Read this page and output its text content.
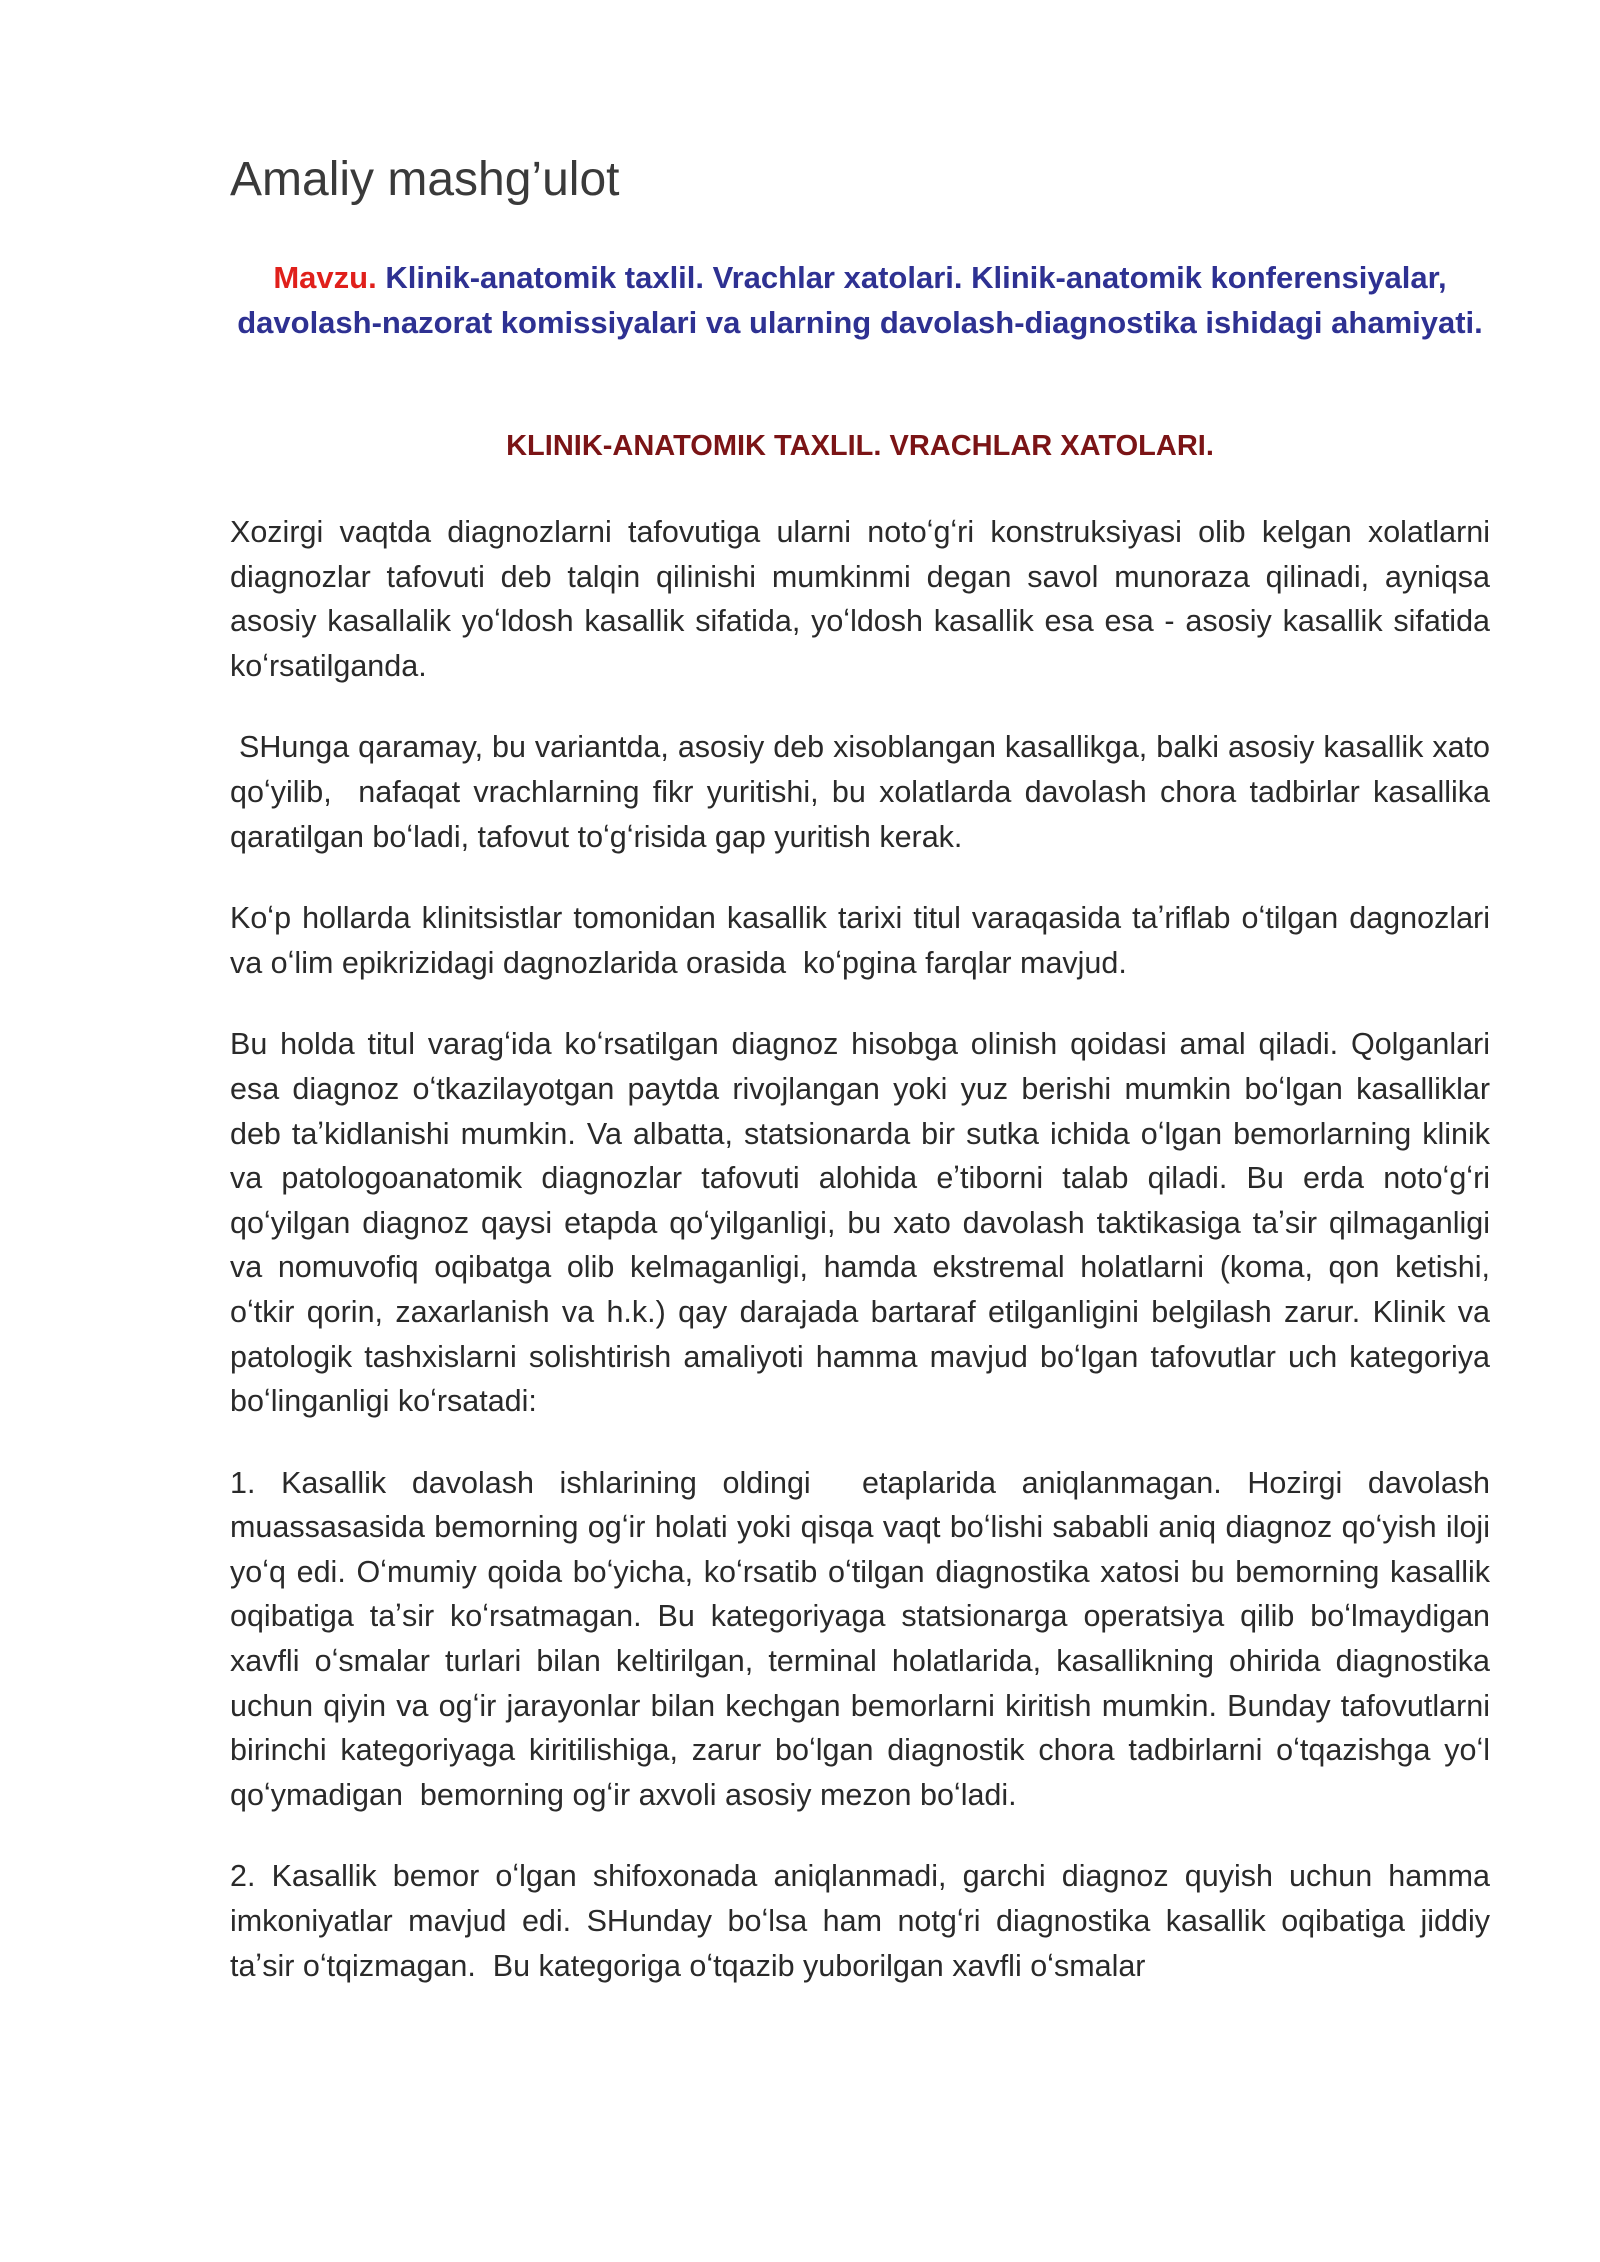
Amaliy mashg’ulot

Mavzu. Klinik-anatomik taxlil. Vrachlar xatolari. Klinik-anatomik konferensiyalar, davolash-nazorat komissiyalari va ularning davolash-diagnostika ishidagi ahamiyati.

KLINIK-ANATOMIK TAXLIL. VRACHLAR XATOLARI.

Xozirgi vaqtda diagnozlarni tafovutiga ularni notoʻgʻri konstruksiyasi olib kelgan xolatlarni diagnozlar tafovuti deb talqin qilinishi mumkinmi degan savol munoraza qilinadi, ayniqsa asosiy kasallalik yoʻldosh kasallik sifatida, yoʻldosh kasallik esa esa - asosiy kasallik sifatida koʻrsatilganda.

SHunga qaramay, bu variantda, asosiy deb xisoblangan kasallikga, balki asosiy kasallik xato qoʻyilib,  nafaqat vrachlarning fikr yuritishi, bu xolatlarda davolash chora tadbirlar kasallika qaratilgan boʻladi, tafovut toʻgʻrisida gap yuritish kerak.

Koʻp hollarda klinitsistlar tomonidan kasallik tarixi titul varaqasida taʼriflab oʻtilgan dagnozlari va oʻlim epikrizidagi dagnozlarida orasida  koʻpgina farqlar mavjud.

Bu holda titul varagʻida koʻrsatilgan diagnoz hisobga olinish qoidasi amal qiladi. Qolganlari esa diagnoz oʻtkazilayotgan paytda rivojlangan yoki yuz berishi mumkin boʻlgan kasalliklar deb taʼkidlanishi mumkin. Va albatta, statsionarda bir sutka ichida oʻlgan bemorlarning klinik va patologoanatomik diagnozlar tafovuti alohida eʼtiborni talab qiladi. Bu erda notoʻgʻri qoʻyilgan diagnoz qaysi etapda qoʻyilganligi, bu xato davolash taktikasiga taʼsir qilmaganligi va nomuvofiq oqibatga olib kelmaganligi, hamda ekstremal holatlarni (koma, qon ketishi, oʻtkir qorin, zaxarlanish va h.k.) qay darajada bartaraf etilganligini belgilash zarur. Klinik va patologik tashxislarni solishtirish amaliyoti hamma mavjud boʻlgan tafovutlar uch kategoriya boʻlinganligi koʻrsatadi:

1. Kasallik davolash ishlarining oldingi  etaplarida aniqlanmagan. Hozirgi davolash muassasasida bemorning ogʻir holati yoki qisqa vaqt boʻlishi sababli aniq diagnoz qoʻyish iloji yoʻq edi. Oʻmumiy qoida boʻyicha, koʻrsatib oʻtilgan diagnostika xatosi bu bemorning kasallik oqibatiga taʼsir koʻrsatmagan. Bu kategoriyaga statsionarga operatsiya qilib boʻlmaydigan xavfli oʻsmalar turlari bilan keltirilgan, terminal holatlarida, kasallikning ohirida diagnostika uchun qiyin va ogʻir jarayonlar bilan kechgan bemorlarni kiritish mumkin. Bunday tafovutlarni birinchi kategoriyaga kiritilishiga, zarur boʻlgan diagnostik chora tadbirlarni oʻtqazishga yoʻl qoʻymadigan  bemorning ogʻir axvoli asosiy mezon boʻladi.

2. Kasallik bemor oʻlgan shifoxonada aniqlanmadi, garchi diagnoz quyish uchun hamma imkoniyatlar mavjud edi. SHunday boʻlsa ham notgʻri diagnostika kasallik oqibatiga jiddiy taʼsir oʻtqizmagan.  Bu kategoriga oʻtqazib yuborilgan xavfli oʻsmalar
